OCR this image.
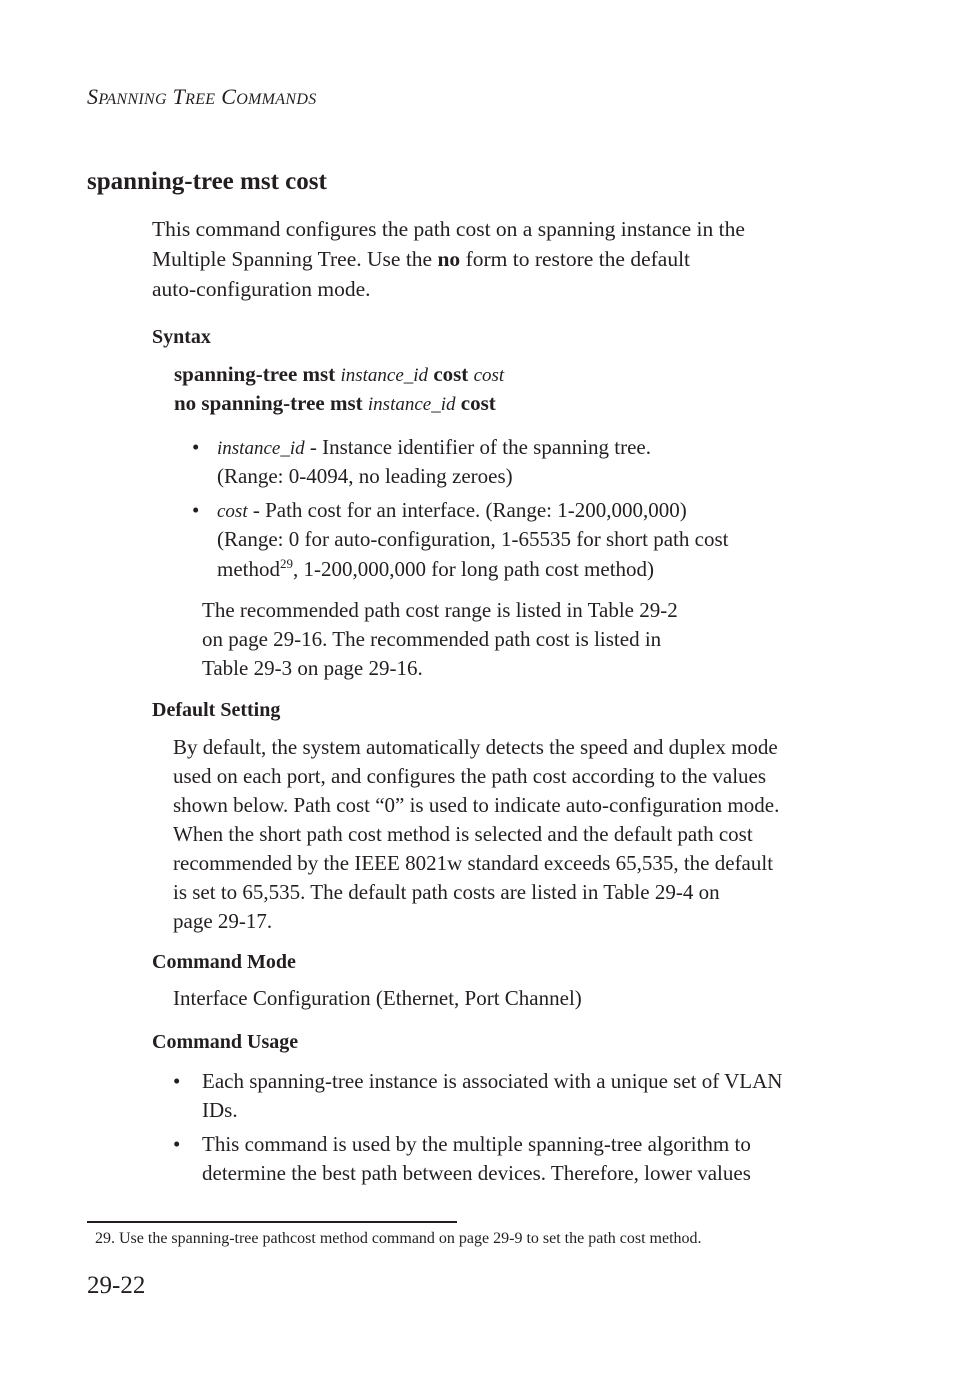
SPANNING TREE COMMANDS
spanning-tree mst cost
This command configures the path cost on a spanning instance in the
Multiple Spanning Tree. Use the no form to restore the default
auto-configuration mode.
Syntax
spanning-tree mst instance_id cost cost
no spanning-tree mst instance_id cost
• instance_id - Instance identifier of the spanning tree.
(Range: 0-4094, no leading zeroes)
• cost - Path cost for an interface. (Range: 1-200,000,000)
(Range: 0 for auto-configuration, 1-65535 for short path cost
method$^{29}$, 1-200,000,000 for long path cost method)
The recommended path cost range is listed in Table 29-2
on page 29-16. The recommended path cost is listed in
Table 29-3 on page 29-16.
Default Setting
By default, the system automatically detects the speed and duplex mode
used on each port, and configures the path cost according to the values
shown below. Path cost “0” is used to indicate auto-configuration mode.
When the short path cost method is selected and the default path cost
recommended by the IEEE 8021w standard exceeds 65,535, the default
is set to 65,535. The default path costs are listed in Table 29-4 on
page 29-17.
Command Mode
Interface Configuration (Ethernet, Port Channel)
Command Usage
• Each spanning-tree instance is associated with a unique set of VLAN
IDs.
• This command is used by the multiple spanning-tree algorithm to
determine the best path between devices. Therefore, lower values
29. Use the spanning-tree pathcost method command on page 29-9 to set the path cost method.
29-22
